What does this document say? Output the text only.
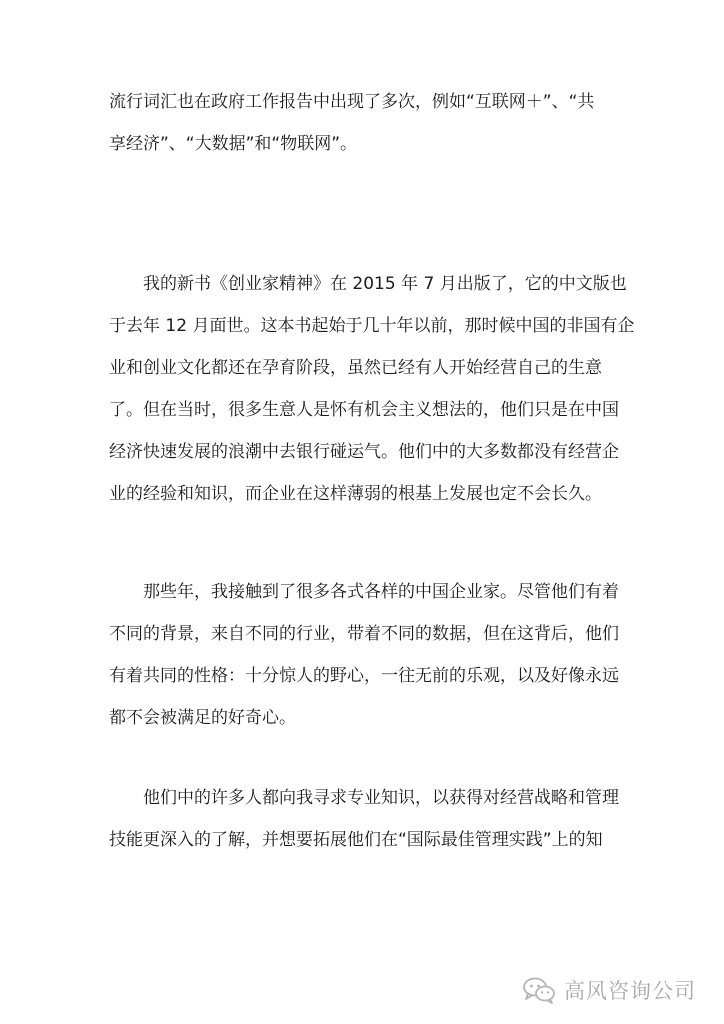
流行词汇也在政府工作报告中出现了多次，例如“互联网＋”、“共
享经济”、“大数据”和“物联网”。
　　我的新书《创业家精神》在 2015 年 7 月出版了，它的中文版也
于去年 12 月面世。这本书起始于几十年以前，那时候中国的非国有企
业和创业文化都还在孕育阶段，虽然已经有人开始经营自己的生意
了。但在当时，很多生意人是怀有机会主义想法的，他们只是在中国
经济快速发展的浪潮中去银行碰运气。他们中的大多数都没有经营企
业的经验和知识，而企业在这样薄弱的根基上发展也定不会长久。
　　那些年，我接触到了很多各式各样的中国企业家。尽管他们有着
不同的背景，来自不同的行业，带着不同的数据，但在这背后，他们
有着共同的性格：十分惊人的野心，一往无前的乐观，以及好像永远
都不会被满足的好奇心。
　　他们中的许多人都向我寻求专业知识，以获得对经营战略和管理
技能更深入的了解，并想要拓展他们在“国际最佳管理实践”上的知
高风咨询公司
